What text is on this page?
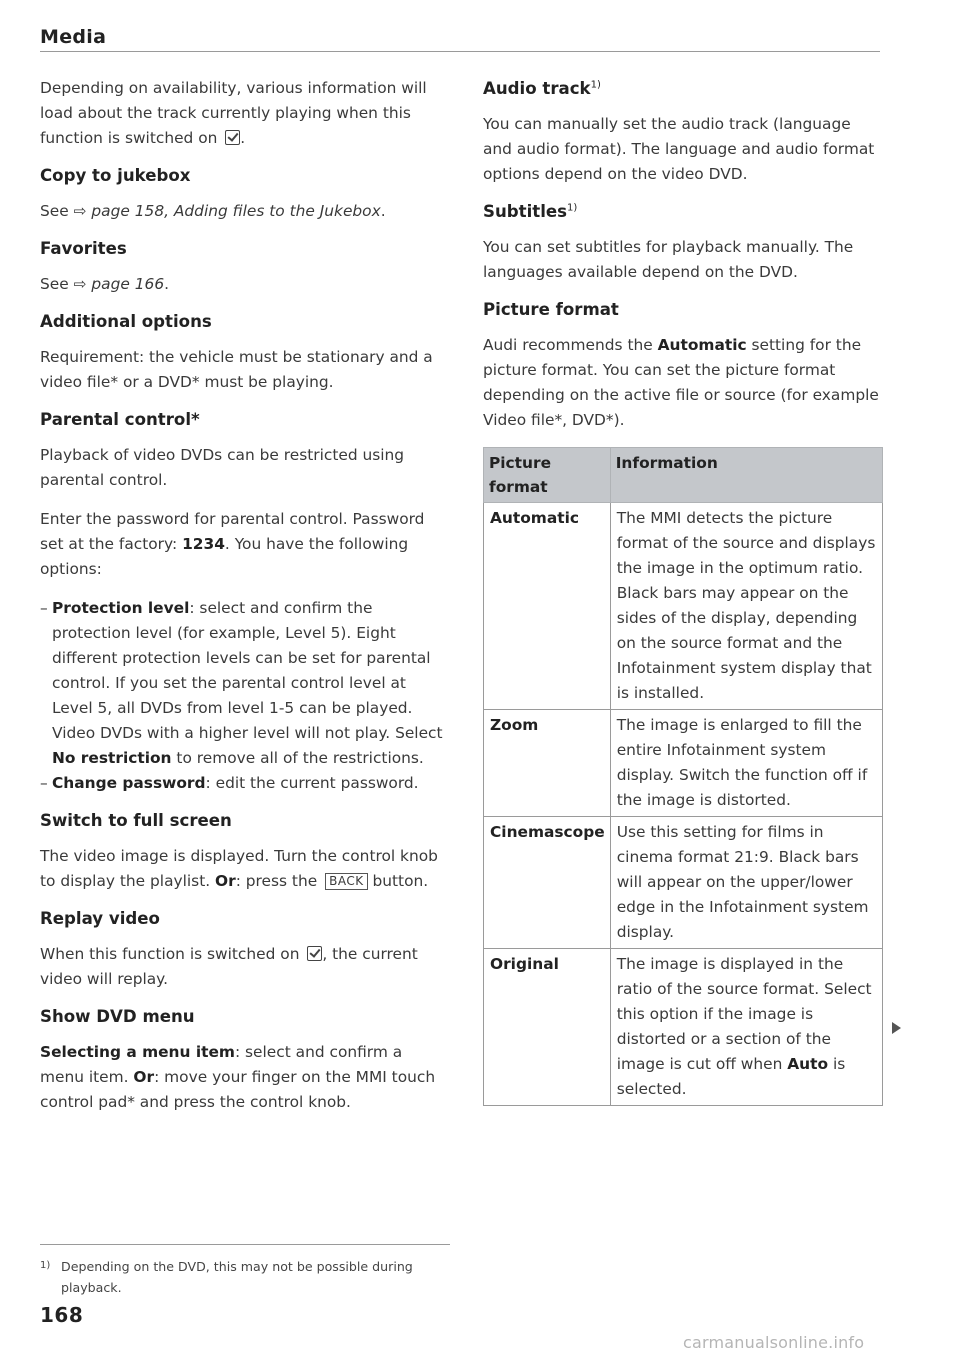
Media

Depending on availability, various information will load about the track currently playing when this function is switched on .

Copy to jukebox

See ⇨ page 158, Adding files to the Jukebox.

Favorites

See ⇨ page 166.

Additional options

Requirement: the vehicle must be stationary and a video file* or a DVD* must be playing.

Parental control*

Playback of video DVDs can be restricted using parental control.

Enter the password for parental control. Password set at the factory: 1234. You have the following options:

– Protection level: select and confirm the protection level (for example, Level 5). Eight different protection levels can be set for parental control. If you set the parental control level at Level 5, all DVDs from level 1-5 can be played. Video DVDs with a higher level will not play. Select No restriction to remove all of the restrictions.
– Change password: edit the current password.
Switch to full screen

The video image is displayed. Turn the control knob to display the playlist. Or: press the BACK button.

Replay video

When this function is switched on , the current video will replay.

Show DVD menu

Selecting a menu item: select and confirm a menu item. Or: move your finger on the MMI touch control pad* and press the control knob.

Audio track$^{1)}$

You can manually set the audio track (language and audio format). The language and audio format options depend on the video DVD.

Subtitles$^{1)}$

You can set subtitles for playback manually. The languages available depend on the DVD.

Picture format

Audi recommends the Automatic setting for the picture format. You can set the picture format depending on the active file or source (for example Video file*, DVD*).

Picture format	Information
Automatic	The MMI detects the picture format of the source and displays the image in the optimum ratio. Black bars may appear on the sides of the display, depending on the source format and the Infotainment system display that is installed.
Zoom	The image is enlarged to fill the entire Infotainment system display. Switch the function off if the image is distorted.
Cinemascope	Use this setting for films in cinema format 21:9. Black bars will appear on the upper/lower edge in the Infotainment system display.
Original	The image is displayed in the ratio of the source format. Select this option if the image is distorted or a section of the image is cut off when Auto is selected.
1) Depending on the DVD, this may not be possible during playback.
168
carmanualsonline.info
